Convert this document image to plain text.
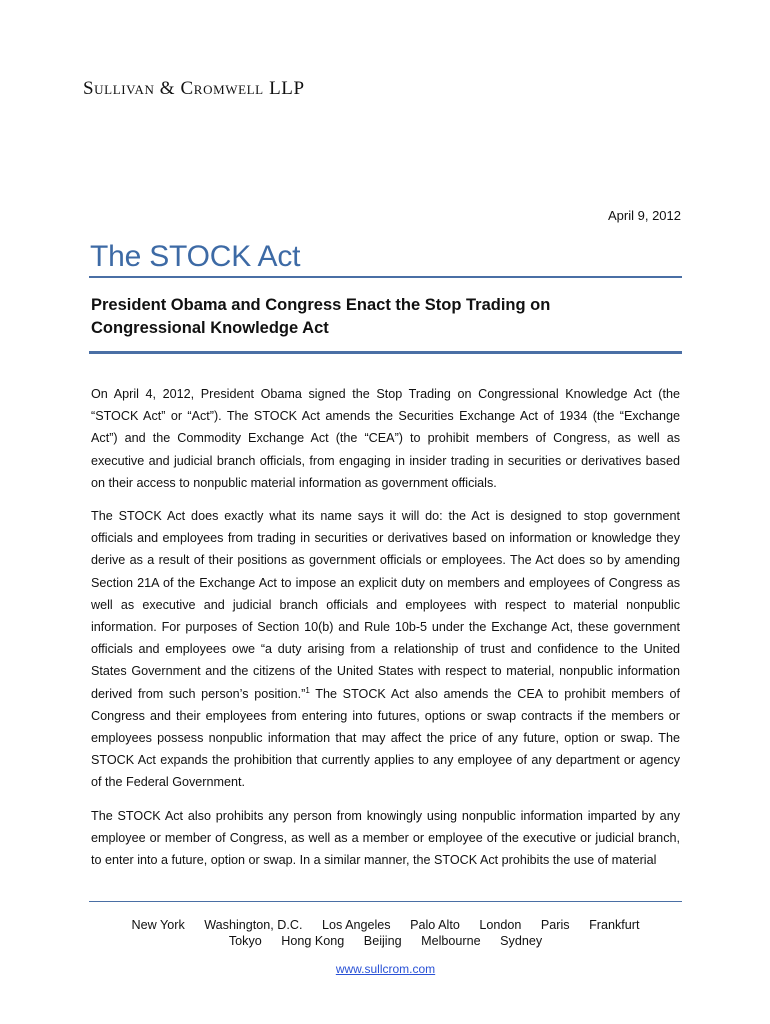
Sullivan & Cromwell LLP
April 9, 2012
The STOCK Act
President Obama and Congress Enact the Stop Trading on Congressional Knowledge Act

On April 4, 2012, President Obama signed the Stop Trading on Congressional Knowledge Act (the “STOCK Act” or “Act”). The STOCK Act amends the Securities Exchange Act of 1934 (the “Exchange Act”) and the Commodity Exchange Act (the “CEA”) to prohibit members of Congress, as well as executive and judicial branch officials, from engaging in insider trading in securities or derivatives based on their access to nonpublic material information as government officials.

The STOCK Act does exactly what its name says it will do: the Act is designed to stop government officials and employees from trading in securities or derivatives based on information or knowledge they derive as a result of their positions as government officials or employees. The Act does so by amending Section 21A of the Exchange Act to impose an explicit duty on members and employees of Congress as well as executive and judicial branch officials and employees with respect to material nonpublic information. For purposes of Section 10(b) and Rule 10b-5 under the Exchange Act, these government officials and employees owe “a duty arising from a relationship of trust and confidence to the United States Government and the citizens of the United States with respect to material, nonpublic information derived from such person’s position.”$^1$ The STOCK Act also amends the CEA to prohibit members of Congress and their employees from entering into futures, options or swap contracts if the members or employees possess nonpublic information that may affect the price of any future, option or swap. The STOCK Act expands the prohibition that currently applies to any employee of any department or agency of the Federal Government.

The STOCK Act also prohibits any person from knowingly using nonpublic information imparted by any employee or member of Congress, as well as a member or employee of the executive or judicial branch, to enter into a future, option or swap. In a similar manner, the STOCK Act prohibits the use of material

New York Washington, D.C. Los Angeles Palo Alto London Paris Frankfurt
Tokyo Hong Kong Beijing Melbourne Sydney
www.sullcrom.com
